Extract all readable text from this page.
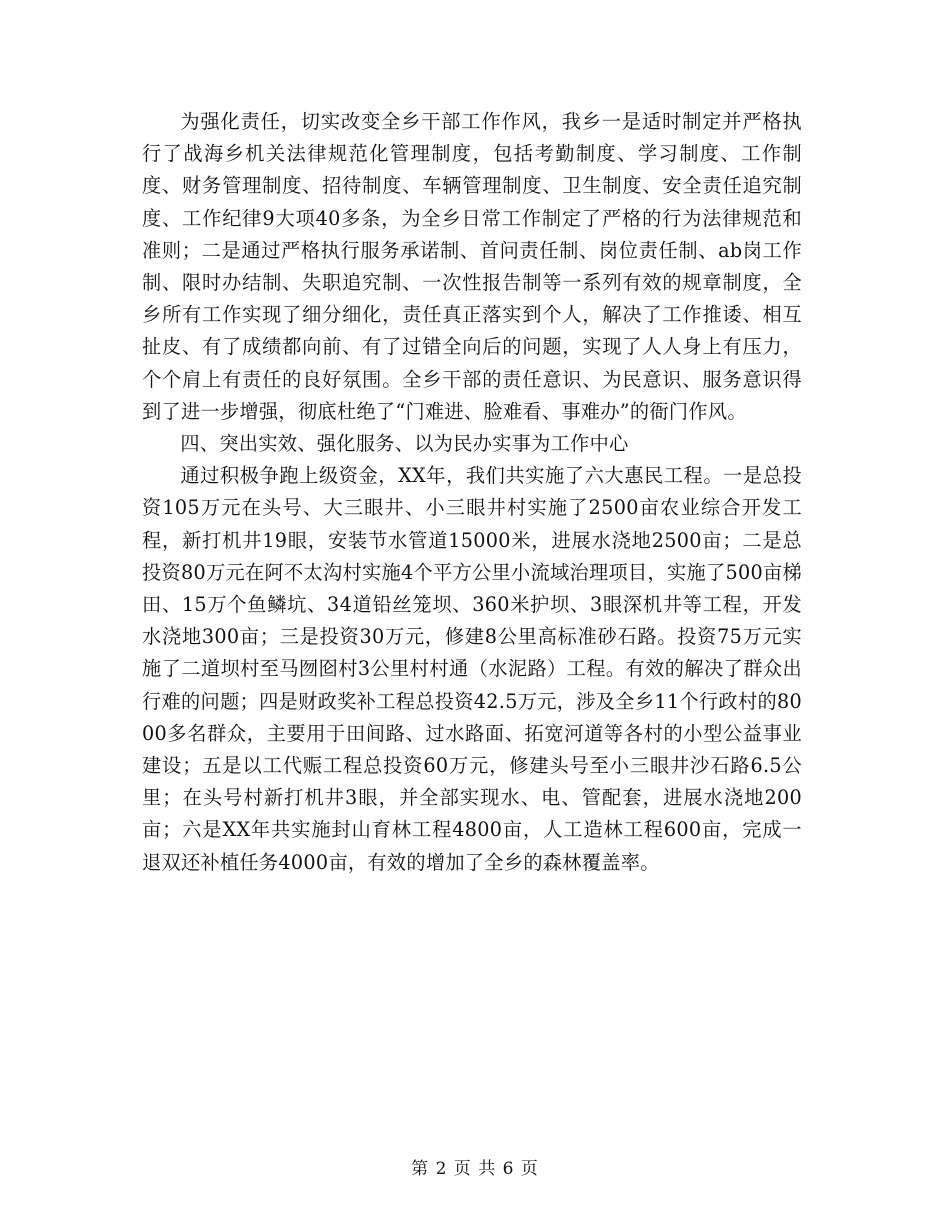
为强化责任，切实改变全乡干部工作作风，我乡一是适时制定并严格执行了战海乡机关法律规范化管理制度，包括考勤制度、学习制度、工作制度、财务管理制度、招待制度、车辆管理制度、卫生制度、安全责任追究制度、工作纪律9大项40多条，为全乡日常工作制定了严格的行为法律规范和准则；二是通过严格执行服务承诺制、首问责任制、岗位责任制、ab岗工作制、限时办结制、失职追究制、一次性报告制等一系列有效的规章制度，全乡所有工作实现了细分细化，责任真正落实到个人，解决了工作推诿、相互扯皮、有了成绩都向前、有了过错全向后的问题，实现了人人身上有压力，个个肩上有责任的良好氛围。全乡干部的责任意识、为民意识、服务意识得到了进一步增强，彻底杜绝了“门难进、脸难看、事难办”的衙门作风。

四、突出实效、强化服务、以为民办实事为工作中心

通过积极争跑上级资金，XX年，我们共实施了六大惠民工程。一是总投资105万元在头号、大三眼井、小三眼井村实施了2500亩农业综合开发工程，新打机井19眼，安装节水管道15000米，进展水浇地2500亩；二是总投资80万元在阿不太沟村实施4个平方公里小流域治理项目，实施了500亩梯田、15万个鱼鳞坑、34道铅丝笼坝、360米护坝、3眼深机井等工程，开发水浇地300亩；三是投资30万元，修建8公里高标准砂石路。投资75万元实施了二道坝村至马囫囵村3公里村村通（水泥路）工程。有效的解决了群众出行难的问题；四是财政奖补工程总投资42.5万元，涉及全乡11个行政村的8000多名群众，主要用于田间路、过水路面、拓宽河道等各村的小型公益事业建设；五是以工代赈工程总投资60万元，修建头号至小三眼井沙石路6.5公里；在头号村新打机井3眼，并全部实现水、电、管配套，进展水浇地200亩；六是XX年共实施封山育林工程4800亩，人工造林工程600亩，完成一退双还补植任务4000亩，有效的增加了全乡的森林覆盖率。

第 2 页 共 6 页
